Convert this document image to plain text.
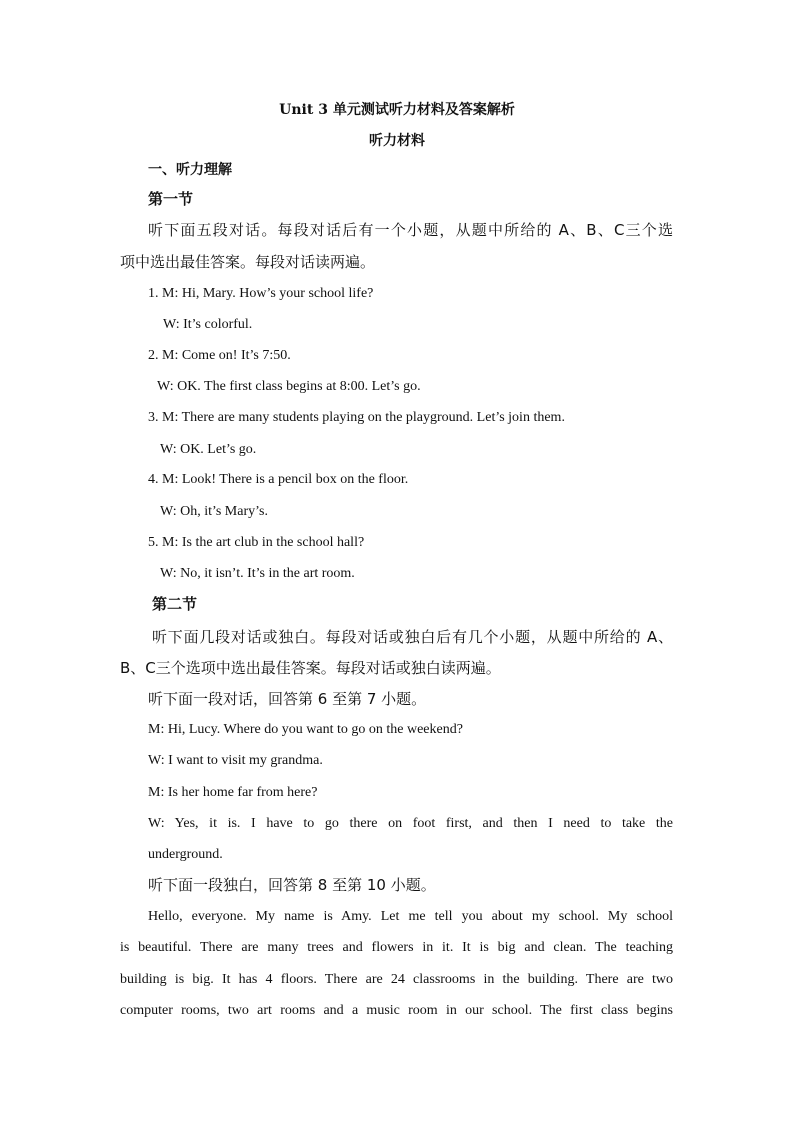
Unit 3 单元测试听力材料及答案解析

听力材料

一、听力理解

第一节

听下面五段对话。每段对话后有一个小题，从题中所给的 A、B、C三个选

项中选出最佳答案。每段对话读两遍。

1. M: Hi, Mary. How’s your school life?

W: It’s colorful.

2. M: Come on! It’s 7:50.

W: OK. The first class begins at 8:00. Let’s go.

3. M: There are many students playing on the playground. Let’s join them.

W: OK. Let’s go.

4. M: Look! There is a pencil box on the floor.

W: Oh, it’s Mary’s.

5. M: Is the art club in the school hall?

W: No, it isn’t. It’s in the art room.

第二节

听下面几段对话或独白。每段对话或独白后有几个小题，从题中所给的 A、

B、C三个选项中选出最佳答案。每段对话或独白读两遍。

听下面一段对话，回答第 6 至第 7 小题。

M: Hi, Lucy. Where do you want to go on the weekend?

W: I want to visit my grandma.

M: Is her home far from here?

W: Yes, it is. I have to go there on foot first, and then I need to take the

underground.

听下面一段独白，回答第 8 至第 10 小题。

Hello, everyone. My name is Amy. Let me tell you about my school. My school

is beautiful. There are many trees and flowers in it. It is big and clean. The teaching

building is big. It has 4 floors. There are 24 classrooms in the building. There are two

computer rooms, two art rooms and a music room in our school. The first class begins
